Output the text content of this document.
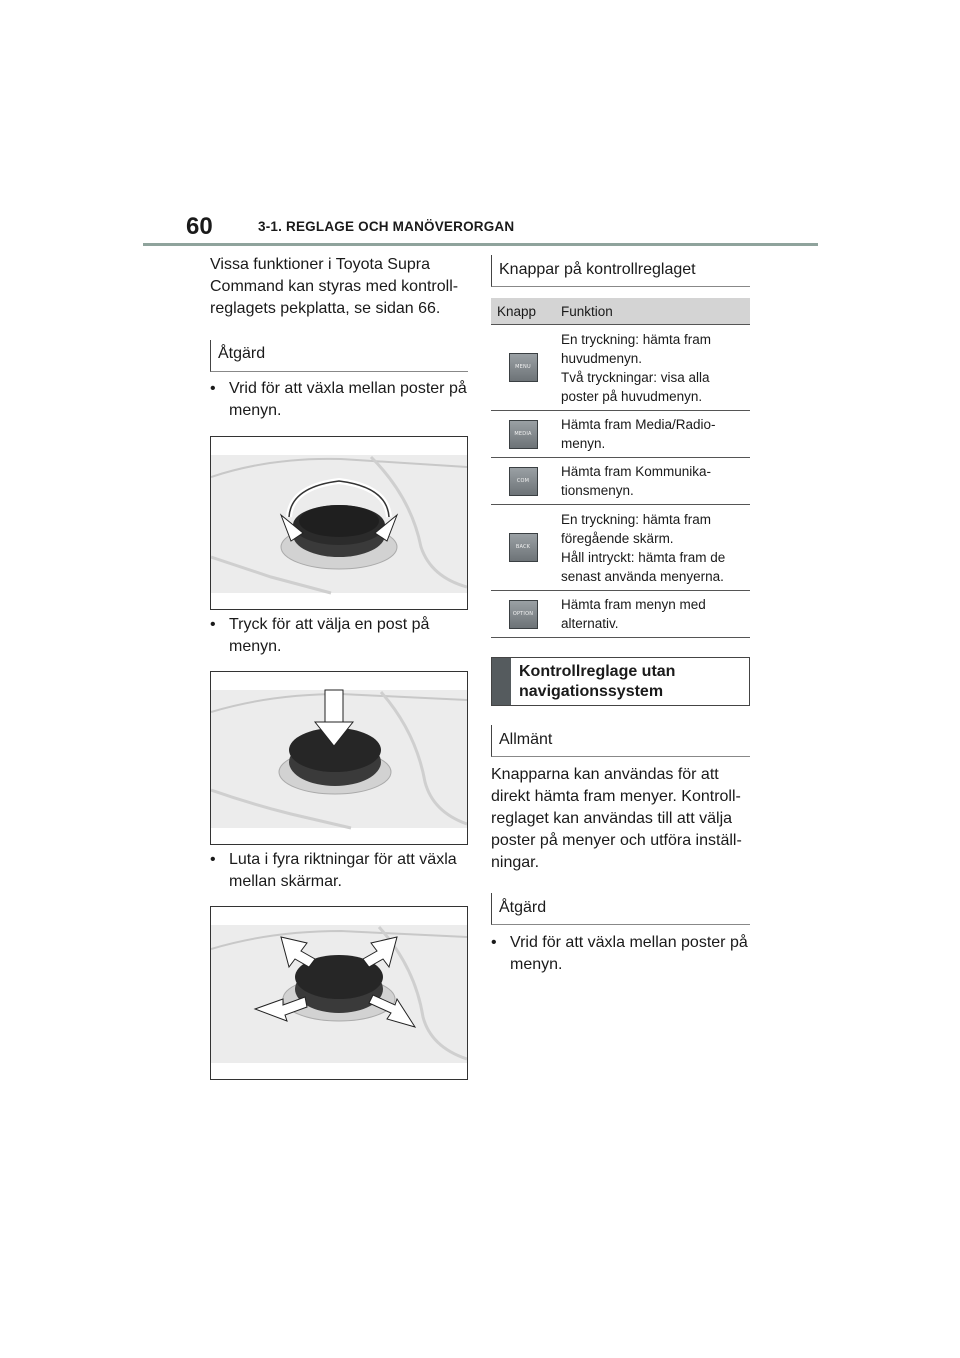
60	3-1. REGLAGE OCH MANÖVERORGAN
Vissa funktioner i Toyota Supra Command kan styras med kontroll-reglagets pekplatta, se sidan 66.
Åtgärd
• Vrid för att växla mellan poster på menyn.
• Tryck för att välja en post på menyn.
• Luta i fyra riktningar för att växla mellan skärmar.
Knappar på kontrollreglaget
Knapp	Funktion

MENU	En tryckning: hämta fram huvudmenyn.
Två tryckningar: visa alla poster på huvudmenyn.

MEDIA	Hämta fram Media/Radio-menyn.

COM	Hämta fram Kommunika-tionsmenyn.

BACK	En tryckning: hämta fram föregående skärm.
Håll intryckt: hämta fram de senast använda menyerna.

OPTION	Hämta fram menyn med alternativ.
Kontrollreglage utan navigationssystem
Allmänt
Knapparna kan användas för att direkt hämta fram menyer. Kontroll-reglaget kan användas till att välja poster på menyer och utföra inställ-ningar.
Åtgärd
• Vrid för att växla mellan poster på menyn.
